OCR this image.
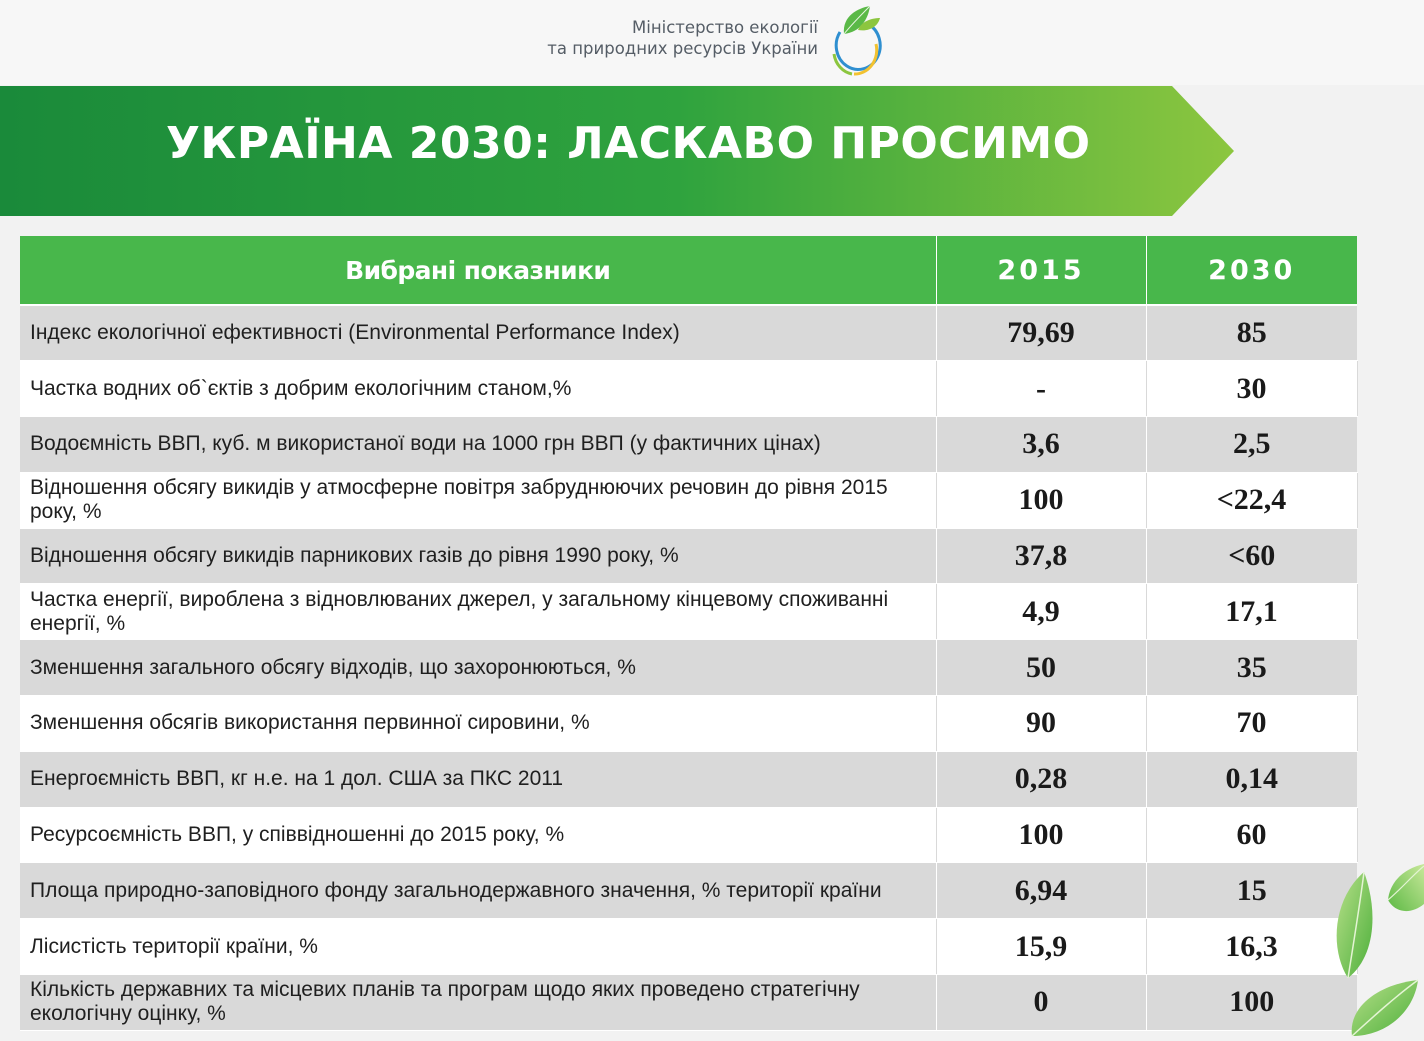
Міністерство екології
та природних ресурсів України
УКРАЇНА 2030: ЛАСКАВО ПРОСИМО
Вибрані показники	2015	2030
Індекс екологічної ефективності (Environmental Performance Index)	79,69	85
Частка водних об`єктів з добрим екологічним станом,%	-	30
Водоємність ВВП, куб. м використаної води на 1000 грн ВВП (у фактичних цінах)	3,6	2,5
Відношення обсягу викидів у атмосферне повітря забруднюючих речовин до рівня 2015 року, %	100	<22,4
Відношення обсягу викидів парникових газів до рівня 1990 року, %	37,8	<60
Частка енергії, вироблена з відновлюваних джерел, у загальному кінцевому споживанні енергії, %	4,9	17,1
Зменшення загального обсягу відходів, що захоронюються, %	50	35
Зменшення обсягів використання первинної сировини, %	90	70
Енергоємність ВВП, кг н.е. на 1 дол. США за ПКС 2011	0,28	0,14
Ресурсоємність ВВП, у співвідношенні до 2015 року, %	100	60
Площа природно-заповідного фонду загальнодержавного значення, % території країни	6,94	15
Лісистість території країни, %	15,9	16,3
Кількість державних та місцевих планів та програм щодо яких проведено стратегічну екологічну оцінку, %	0	100
